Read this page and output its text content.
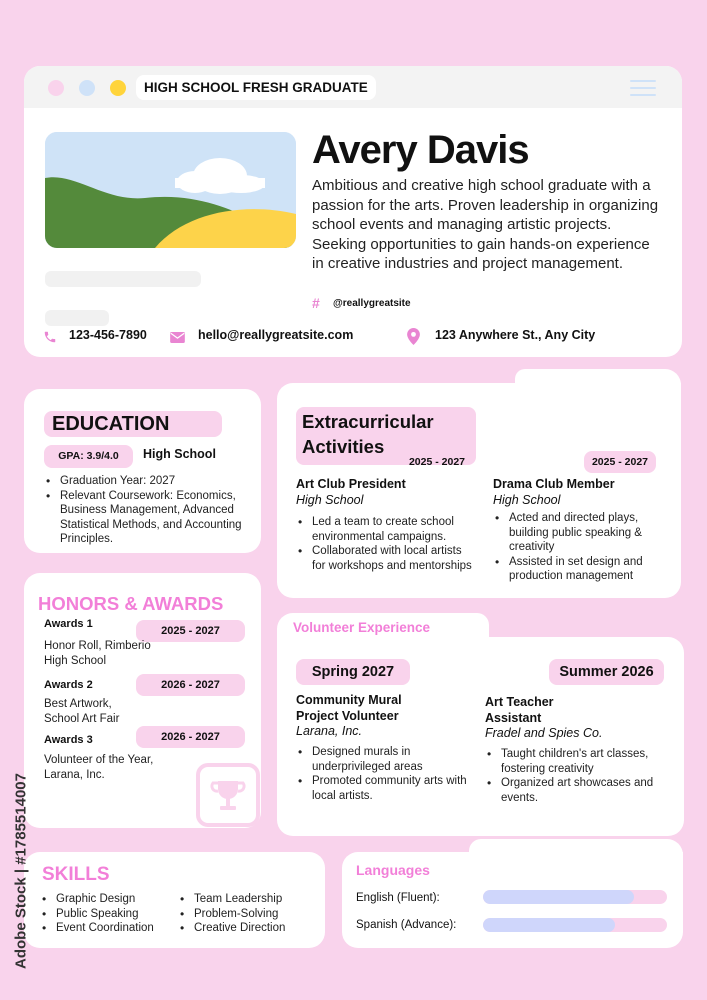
HIGH SCHOOL FRESH GRADUATE
Avery Davis
Ambitious and creative high school graduate with a passion for the arts. Proven leadership in organizing school events and managing artistic projects. Seeking opportunities to gain hands-on experience in creative industries and project management.
# @reallygreatsite
123-456-7890	hello@reallygreatsite.com	123 Anywhere St., Any City
EDUCATION
GPA: 3.9/4.0	High School
• Graduation Year: 2027
• Relevant Coursework: Economics, Business Management, Advanced Statistical Methods, and Accounting Principles.
Extracurricular Activities
2025 - 2027	2025 - 2027
Art Club President
High School
• Led a team to create school environmental campaigns.
• Collaborated with local artists for workshops and mentorships
Drama Club Member
High School
• Acted and directed plays, building public speaking & creativity
• Assisted in set design and production management
HONORS & AWARDS
Awards 1
2025 - 2027
Honor Roll, Rimberio High School
Awards 2	2026 - 2027
Best Artwork, School Art Fair
Awards 3	2026 - 2027
Volunteer of the Year, Larana, Inc.
Volunteer Experience
Spring 2027	Summer 2026
Community Mural Project Volunteer
Larana, Inc.
• Designed murals in underprivileged areas
• Promoted community arts with local artists.
Art Teacher Assistant
Fradel and Spies Co.
• Taught children's art classes, fostering creativity
• Organized art showcases and events.
SKILLS
• Graphic Design
• Public Speaking
• Event Coordination
• Team Leadership
• Problem-Solving
• Creative Direction
Languages
English (Fluent):
Spanish (Advance):
Adobe Stock | #1785514007
